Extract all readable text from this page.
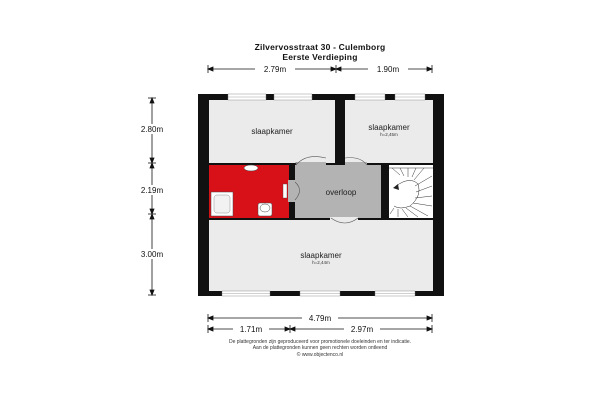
Zilvervosstraat 30 - Culemborg
Eerste Verdieping
2.79m	1.90m
2.80m
2.19m
3.00m
slaapkamer	slaapkamer
h=2,45m
overloop
slaapkamer
h=2,44m
4.79m
1.71m	2.97m
De plattegronden zijn geproduceerd voor promotionele doeleinden en ter indicatie.
Aan de plattegronden kunnen geen rechten worden ontleend
© www.objectenco.nl
